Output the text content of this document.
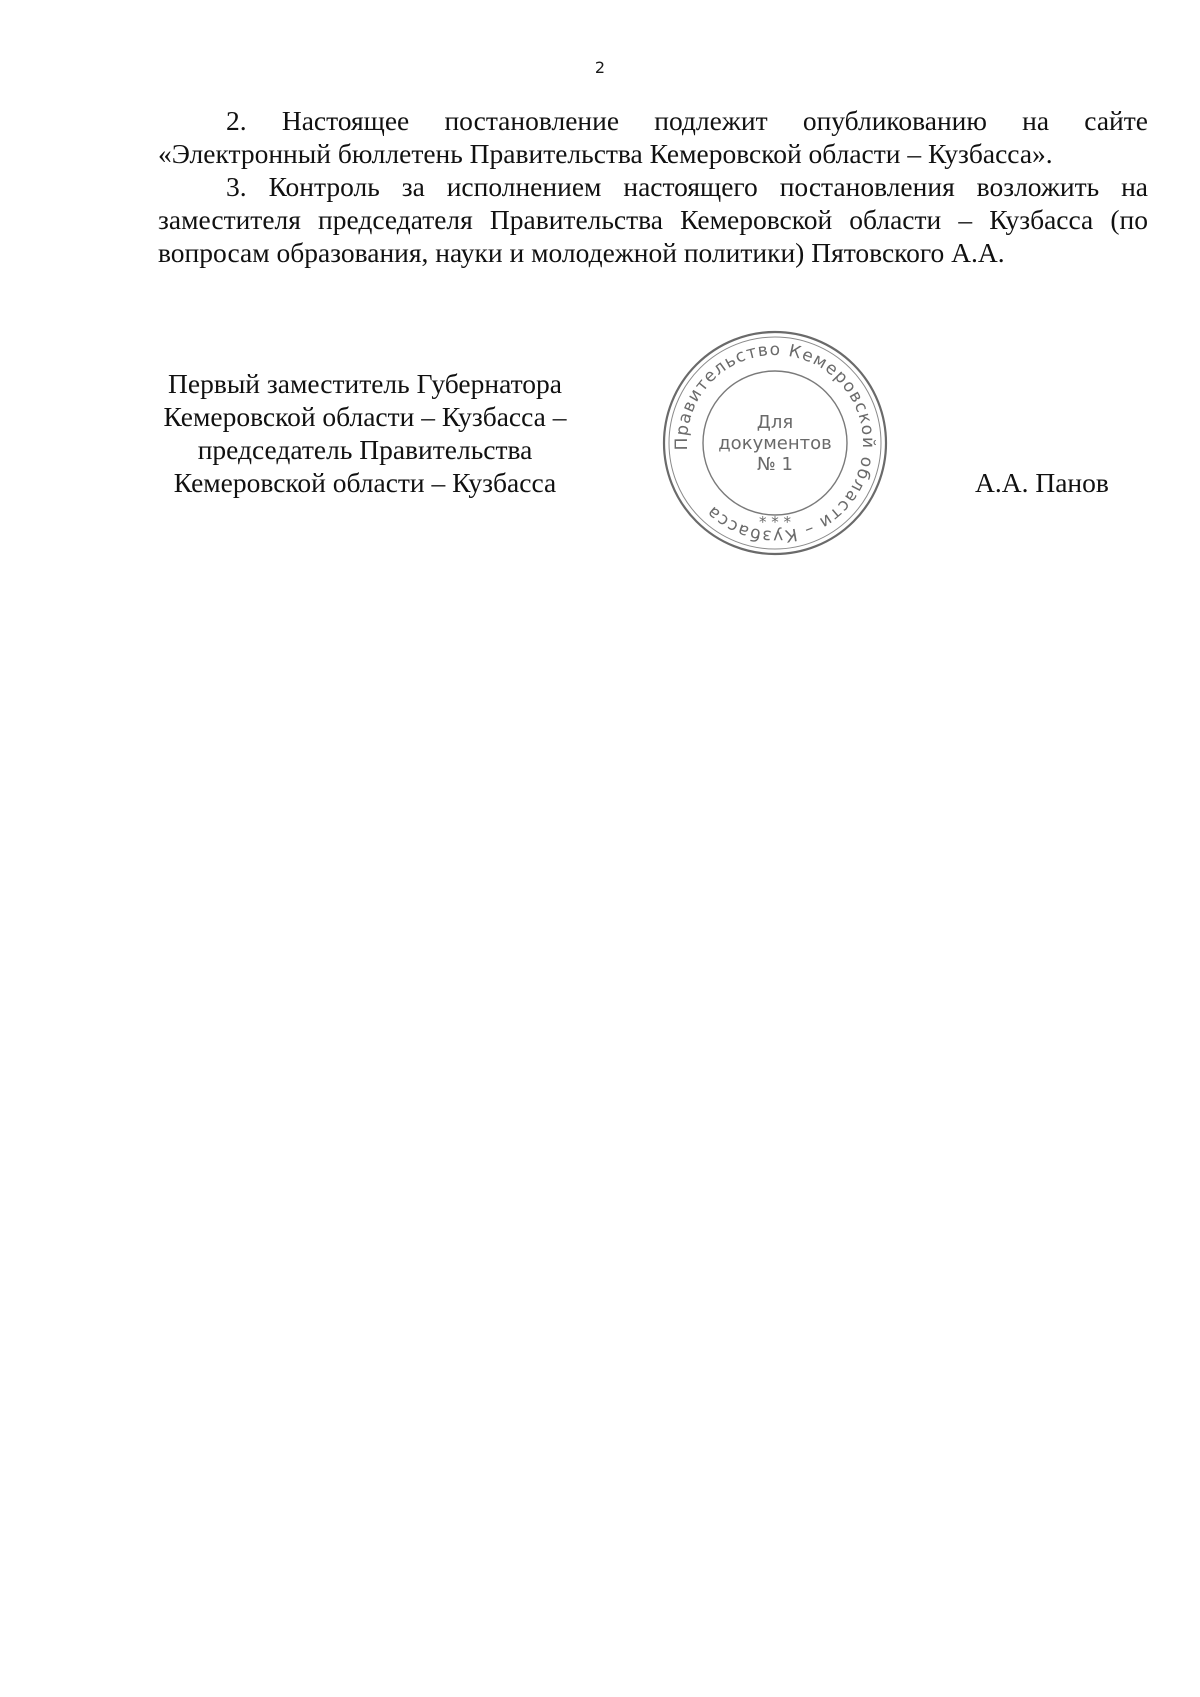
2

2. Настоящее постановление подлежит опубликованию на сайте «Электронный бюллетень Правительства Кемеровской области – Кузбасса».

3. Контроль за исполнением настоящего постановления возложить на заместителя председателя Правительства Кемеровской области – Кузбасса (по вопросам образования, науки и молодежной политики) Пятовского А.А.

Первый заместитель Губернатора
Кемеровской области – Кузбасса –
председатель Правительства
Кемеровской области – Кузбасса	А.А. Панов
Правительство Кемеровской области – Кузбасса	* * *
Для
документов
№ 1
